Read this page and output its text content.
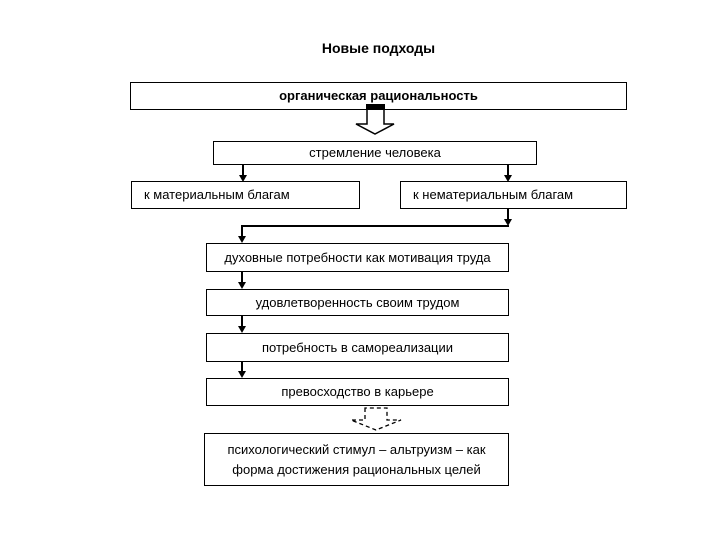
Новые подходы
органическая рациональность
стремление человека
к материальным благам	к нематериальным благам
духовные потребности как мотивация труда
удовлетворенность своим трудом
потребность в самореализации
превосходство в карьере
психологический стимул – альтруизм – как форма достижения рациональных целей
